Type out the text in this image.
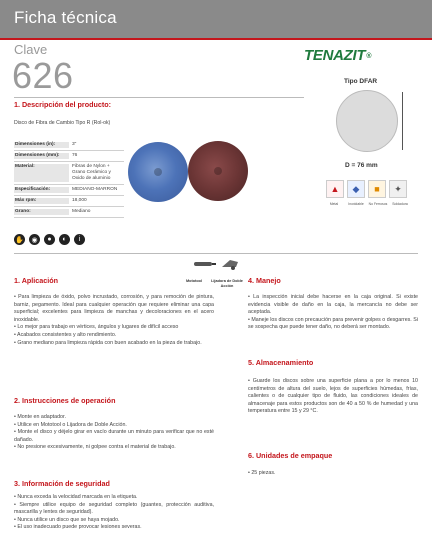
Ficha técnica
TENAZIT®
Clave
626
1. Descripción del producto:
Disco de Fibra de Cambio Tipo R (Rol-ok)
Dimensiones (in):	3"
Dimensiones (mm):	76
Material:	Fibras de Nylon + Grano Cerámico y Oxido de aluminio
Especificación:	MEDIANO-MARRON
Máx rpm:	18,000
Grano:	Mediano
Tipo DFAR
D = 76 mm
▲	◆	■	✦
Metal	Inoxidable	No Ferrosos	Soldadura
✋	◉	●	◐	i
Mototool Lijadora de Doble Acción
1. Aplicación
• Para limpieza de óxido, polvo incrustado, corrosión, y para remoción de pintura, barniz, pegamento. Ideal para cualquier operación que requiere eliminar una capa superficial; excelentes para limpieza de manchas y decoloraciones en el acero inoxidable.
• Lo mejor para trabajo en vértices, ángulos y lugares de difícil acceso
• Acabados consistentes y alto rendimiento.
• Grano mediano para limpieza rápida con buen acabado en la pieza de trabajo.
2. Instrucciones de operación
• Monte en adaptador.
• Utilice en Mototool o Lijadora de Doble Acción.
• Monte el disco y déjelo girar en vacío durante un minuto para verificar que no esté dañado.
• No presione excesivamente, ni golpee contra el material de trabajo.
3. Información de seguridad
• Nunca exceda la velocidad marcada en la etiqueta.
• Siempre utilice equipo de seguridad completo (guantes, protección auditiva, mascarilla y lentes de seguridad).
• Nunca utilice un disco que se haya mojado.
• El uso inadecuado puede provocar lesiones severas.
4. Manejo
• La inspección inicial debe hacerse en la caja original. Si existe evidencia visible de daño en la caja, la mercancía no debe ser aceptada.
• Maneje los discos con precaución para prevenir golpes o desgarres. Si se sospecha que puede tener daño, no deberá ser montado.
5. Almacenamiento
• Guarde los discos sobre una superficie plana a por lo menos 10 centímetros de altura del suelo, lejos de superficies húmedas, frías, calientes o de cualquier tipo de fluido, las condiciones ideales de almacenaje para estos productos son de 40 a 50 % de humedad y una temperatura entre 15 y 29 °C.
6. Unidades de empaque
• 25 piezas.
